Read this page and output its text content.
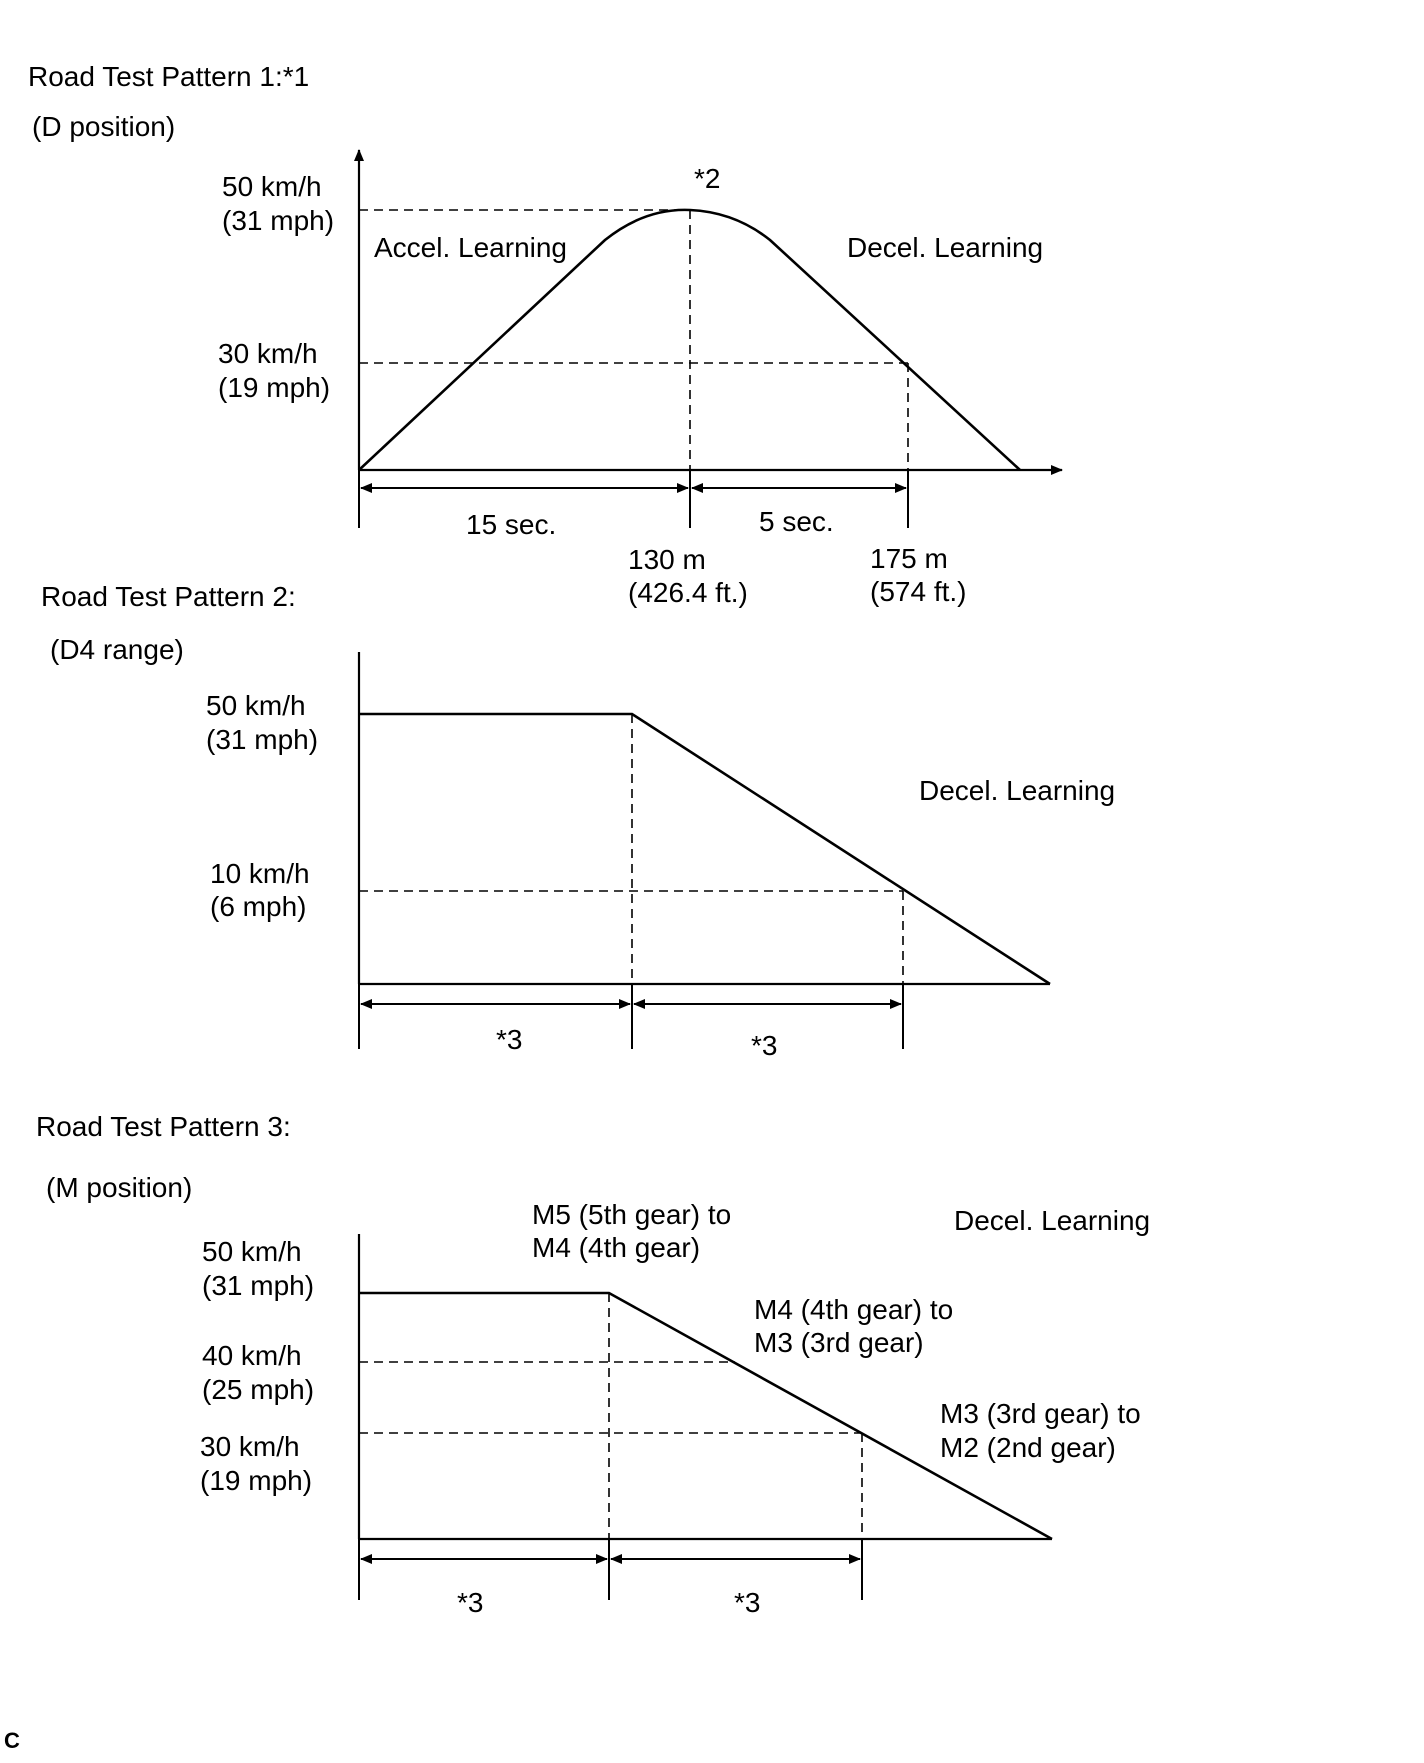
Road Test Pattern 1:*1
(D position)
50 km/h
(31 mph)
30 km/h
(19 mph)
*2
Accel. Learning	Decel. Learning
15 sec.	5 sec.
130 m
(426.4 ft.)
175 m
(574 ft.)
Road Test Pattern 2:
(D4 range)
50 km/h
(31 mph)
10 km/h
(6 mph)
Decel. Learning
*3	*3
Road Test Pattern 3:
(M position)
50 km/h
(31 mph)
40 km/h
(25 mph)
30 km/h
(19 mph)
M5 (5th gear) to
M4 (4th gear)
Decel. Learning
M4 (4th gear) to
M3 (3rd gear)
M3 (3rd gear) to
M2 (2nd gear)
*3	*3
C
